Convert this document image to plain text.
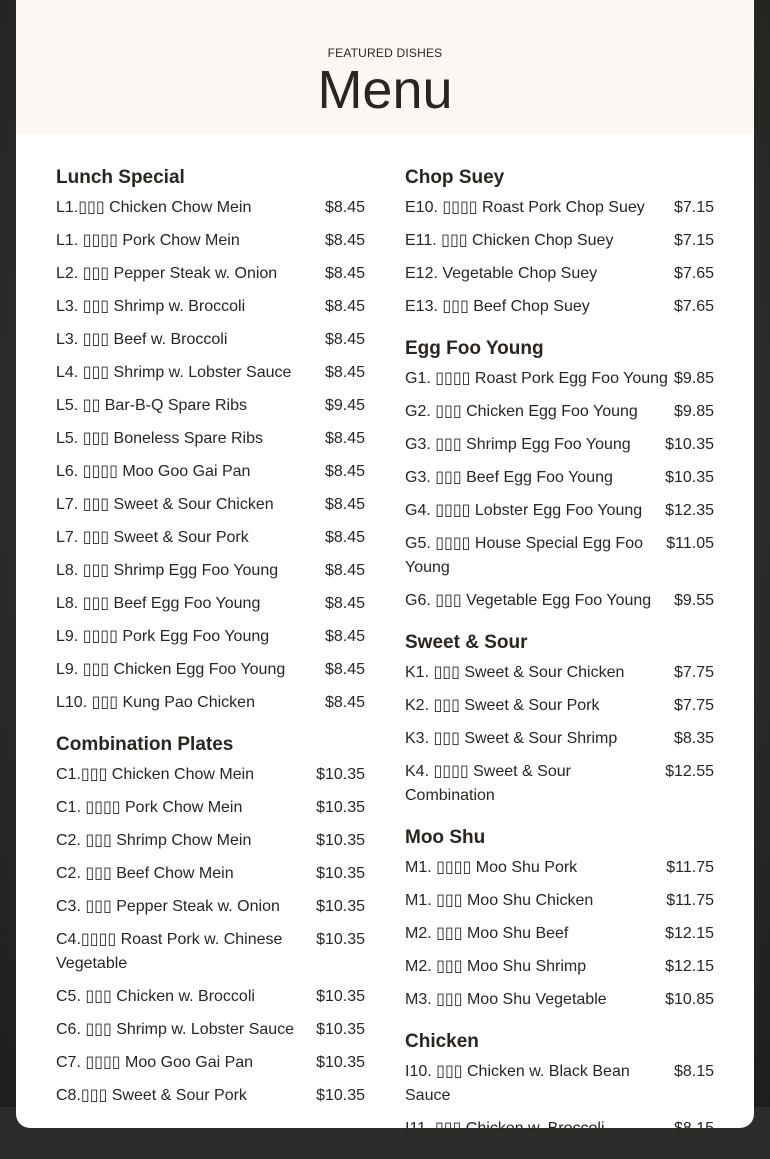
FEATURED DISHES
Menu
Lunch Special
L1.▯▯▯ Chicken Chow Mein	$8.45
L1. ▯▯▯▯ Pork Chow Mein	$8.45
L2. ▯▯▯ Pepper Steak w. Onion	$8.45
L3. ▯▯▯ Shrimp w. Broccoli	$8.45
L3. ▯▯▯ Beef w. Broccoli	$8.45
L4. ▯▯▯ Shrimp w. Lobster Sauce	$8.45
L5. ▯▯ Bar-B-Q Spare Ribs	$9.45
L5. ▯▯▯ Boneless Spare Ribs	$8.45
L6. ▯▯▯▯ Moo Goo Gai Pan	$8.45
L7. ▯▯▯ Sweet & Sour Chicken	$8.45
L7. ▯▯▯ Sweet & Sour Pork	$8.45
L8. ▯▯▯ Shrimp Egg Foo Young	$8.45
L8. ▯▯▯ Beef Egg Foo Young	$8.45
L9. ▯▯▯▯ Pork Egg Foo Young	$8.45
L9. ▯▯▯ Chicken Egg Foo Young	$8.45
L10. ▯▯▯ Kung Pao Chicken	$8.45
Combination Plates
C1.▯▯▯ Chicken Chow Mein	$10.35
C1. ▯▯▯▯ Pork Chow Mein	$10.35
C2. ▯▯▯ Shrimp Chow Mein	$10.35
C2. ▯▯▯ Beef Chow Mein	$10.35
C3. ▯▯▯ Pepper Steak w. Onion	$10.35
C4.▯▯▯▯ Roast Pork w. Chinese Vegetable
$10.35
C5. ▯▯▯ Chicken w. Broccoli	$10.35
C6. ▯▯▯ Shrimp w. Lobster Sauce	$10.35
C7. ▯▯▯▯ Moo Goo Gai Pan	$10.35
C8.▯▯▯ Sweet & Sour Pork	$10.35
Chop Suey
E10. ▯▯▯▯ Roast Pork Chop Suey	$7.15
E11. ▯▯▯ Chicken Chop Suey	$7.15
E12. Vegetable Chop Suey	$7.65
E13. ▯▯▯ Beef Chop Suey	$7.65
Egg Foo Young
G1. ▯▯▯▯ Roast Pork Egg Foo Young $9.85
G2. ▯▯▯ Chicken Egg Foo Young	$9.85
G3. ▯▯▯ Shrimp Egg Foo Young	$10.35
G3. ▯▯▯ Beef Egg Foo Young	$10.35
G4. ▯▯▯▯ Lobster Egg Foo Young	$12.35
G5. ▯▯▯▯ House Special Egg Foo Young
$11.05
G6. ▯▯▯ Vegetable Egg Foo Young	$9.55
Sweet & Sour
K1. ▯▯▯ Sweet & Sour Chicken	$7.75
K2. ▯▯▯ Sweet & Sour Pork	$7.75
K3. ▯▯▯ Sweet & Sour Shrimp	$8.35
K4. ▯▯▯▯ Sweet & Sour Combination
$12.55
Moo Shu
M1. ▯▯▯▯ Moo Shu Pork	$11.75
M1. ▯▯▯ Moo Shu Chicken	$11.75
M2. ▯▯▯ Moo Shu Beef	$12.15
M2. ▯▯▯ Moo Shu Shrimp	$12.15
M3. ▯▯▯ Moo Shu Vegetable	$10.85
Chicken
I10. ▯▯▯ Chicken w. Black Bean Sauce
$8.15
I11. ▯▯▯ Chicken w. Broccoli	$8.15
